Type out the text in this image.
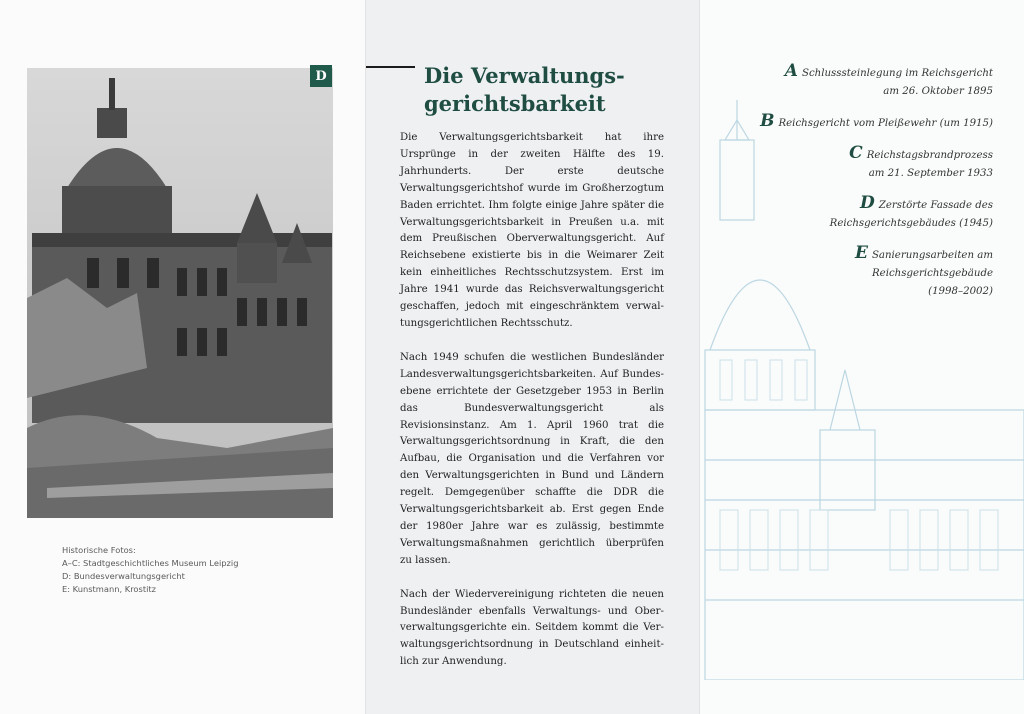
D
Historische Fotos:
A–C: Stadtgeschichtliches Museum Leipzig
D: Bundesverwaltungsgericht
E: Kunstmann, Krostitz
Die Verwaltungs-
gerichtsbarkeit

Die Verwaltungsgerichtsbarkeit hat ihre Ursprünge in der zweiten Hälfte des 19. Jahrhunderts. Der erste deutsche Verwaltungsgerichtshof wurde im Großherzogtum Baden errichtet. Ihm folgte einige Jahre später die Verwaltungsgerichtsbarkeit in Preußen u.a. mit dem Preußischen Oberverwaltungsgericht. Auf Reichsebene existierte bis in die Weimarer Zeit kein einheitliches Rechtsschutzsystem. Erst im Jahre 1941 wurde das Reichsverwaltungsgericht geschaffen, jedoch mit eingeschränktem verwaltungsgerichtlichen Rechtsschutz.

Nach 1949 schufen die westlichen Bundesländer Landesverwaltungsgerichtsbarkeiten. Auf Bundesebene errichtete der Gesetzgeber 1953 in Berlin das Bundesverwaltungsgericht als Revisionsinstanz. Am 1. April 1960 trat die Verwaltungsgerichtsordnung in Kraft, die den Aufbau, die Organisation und die Verfahren vor den Verwaltungsgerichten in Bund und Ländern regelt. Demgegenüber schaffte die DDR die Verwaltungsgerichtsbarkeit ab. Erst gegen Ende der 1980er Jahre war es zulässig, bestimmte Verwaltungsmaßnahmen gerichtlich überprüfen zu lassen.

Nach der Wiedervereinigung richteten die neuen Bundesländer ebenfalls Verwaltungs- und Oberverwaltungsgerichte ein. Seitdem kommt die Verwaltungsgerichtsordnung in Deutschland einheitlich zur Anwendung.

A Schlusssteinlegung im Reichsgericht
am 26. Oktober 1895
B Reichsgericht vom Pleißewehr (um 1915)
C Reichstagsbrandprozess
am 21. September 1933
D Zerstörte Fassade des
Reichsgerichtsgebäudes (1945)
E Sanierungsarbeiten am
Reichsgerichtsgebäude
(1998–2002)
